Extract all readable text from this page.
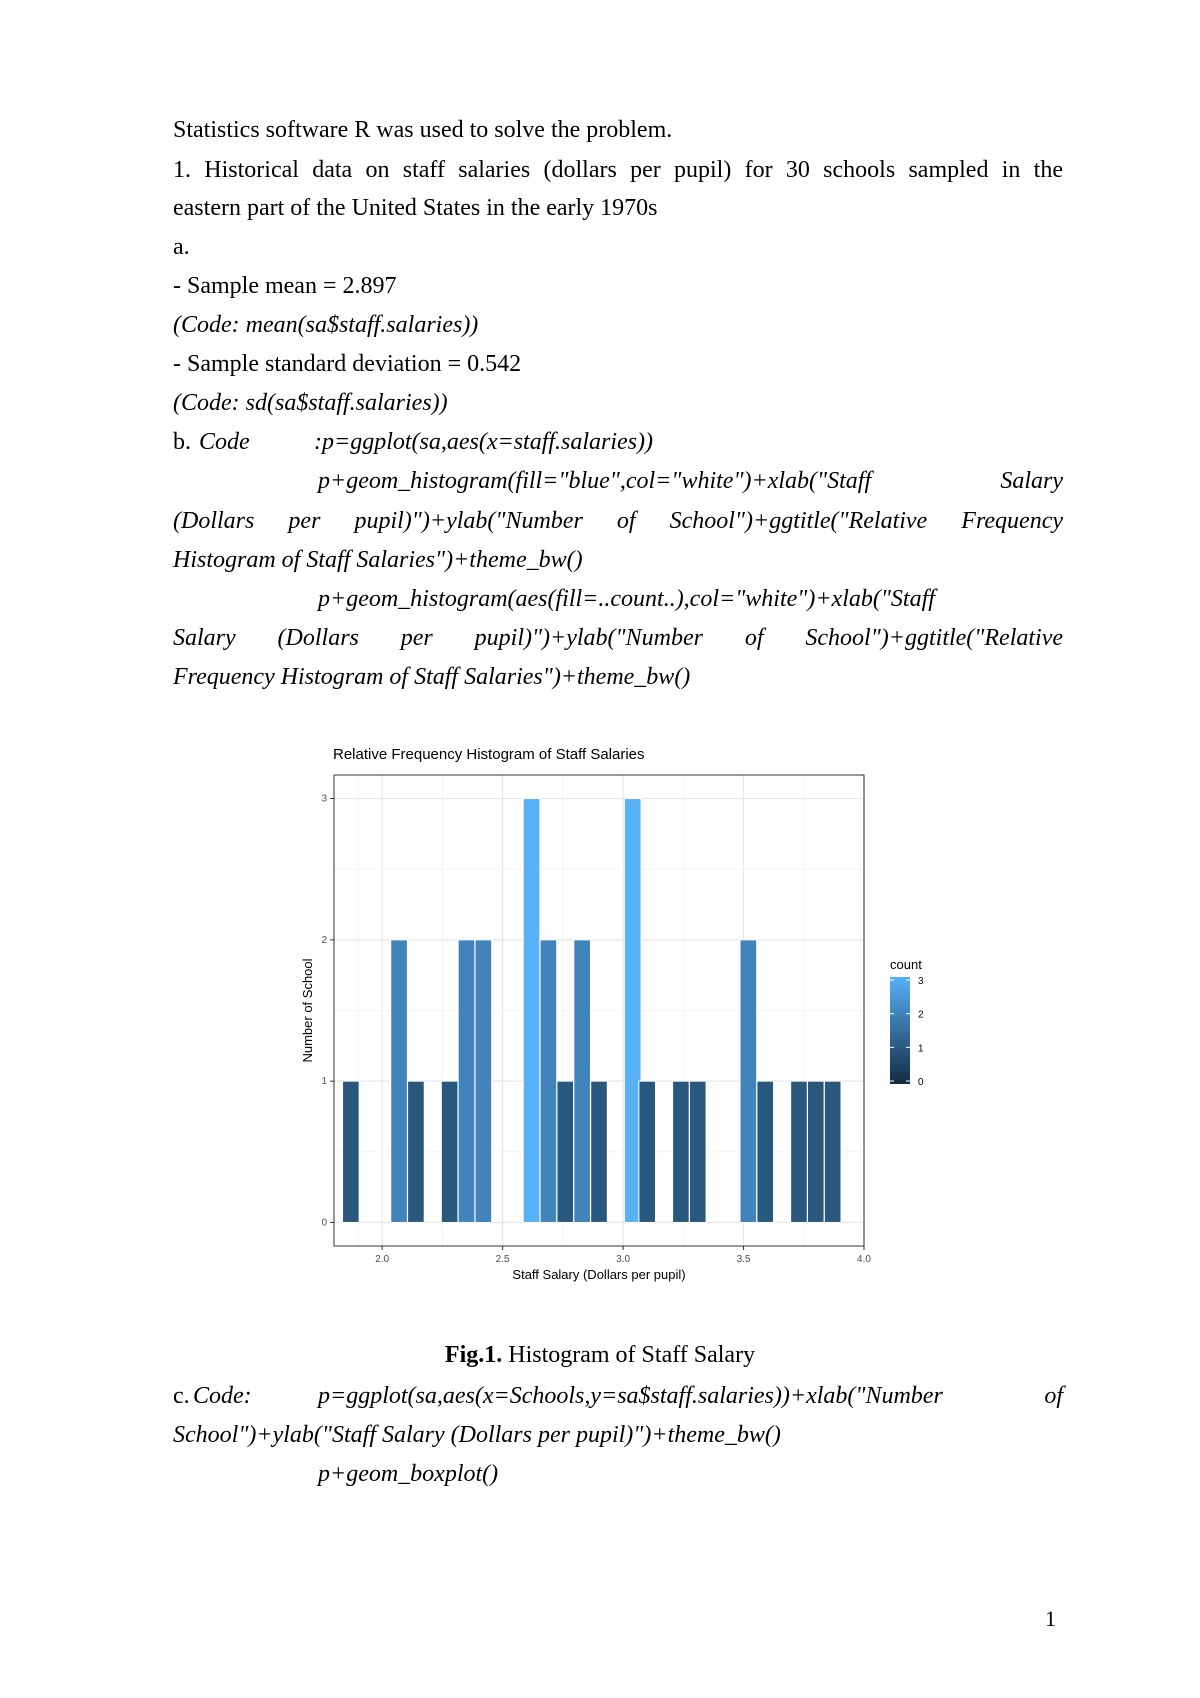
Statistics software R was used to solve the problem.
1. Historical data on staff salaries (dollars per pupil) for 30 schools sampled in the
eastern part of the United States in the early 1970s
a.
- Sample mean = 2.897
(Code: mean(sa$staff.salaries))
- Sample standard deviation = 0.542
(Code: sd(sa$staff.salaries))
b. Code	:p=ggplot(sa,aes(x=staff.salaries))
p+geom_histogram(fill="blue",col="white")+xlab("Staff Salary
(Dollars per pupil)")+ylab("Number of School")+ggtitle("Relative Frequency
Histogram of Staff Salaries")+theme_bw()
p+geom_histogram(aes(fill=..count..),col="white")+xlab("Staff
Salary (Dollars per pupil)")+ylab("Number of School")+ggtitle("Relative
Frequency Histogram of Staff Salaries")+theme_bw()
Relative Frequency Histogram of Staff Salaries
2.0	2.5	3.0	3.5	4.0
0
1
2
3
Staff Salary (Dollars per pupil)
Number of School	count
0
1
2
3
Fig.1. Histogram of Staff Salary
c. Code:	p=ggplot(sa,aes(x=Schools,y=sa$staff.salaries))+xlab("Number of
School")+ylab("Staff Salary (Dollars per pupil)")+theme_bw()
p+geom_boxplot()
1
